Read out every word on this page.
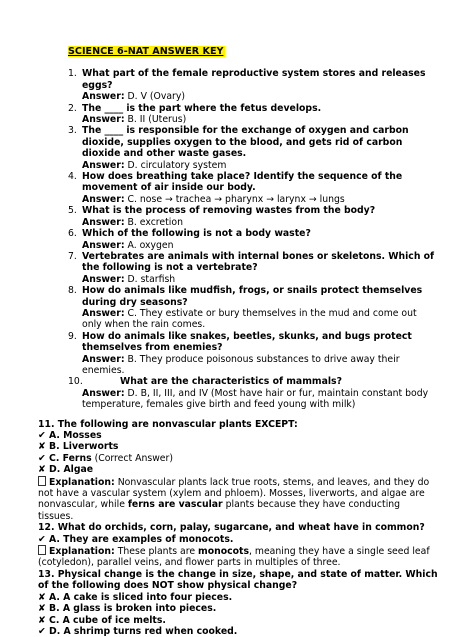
SCIENCE 6-NAT ANSWER KEY
1. What part of the female reproductive system stores and releases eggs?
Answer: D. V (Ovary)
2. The ____ is the part where the fetus develops.
Answer: B. II (Uterus)
3. The ____ is responsible for the exchange of oxygen and carbon dioxide, supplies oxygen to the blood, and gets rid of carbon dioxide and other waste gases.
Answer: D. circulatory system
4. How does breathing take place? Identify the sequence of the movement of air inside our body.
Answer: C. nose → trachea → pharynx → larynx → lungs
5. What is the process of removing wastes from the body?
Answer: B. excretion
6. Which of the following is not a body waste?
Answer: A. oxygen
7. Vertebrates are animals with internal bones or skeletons. Which of the following is not a vertebrate?
Answer: D. starfish
8. How do animals like mudfish, frogs, or snails protect themselves during dry seasons?
Answer: C. They estivate or bury themselves in the mud and come out only when the rain comes.
9. How do animals like snakes, beetles, skunks, and bugs protect themselves from enemies?
Answer: B. They produce poisonous substances to drive away their enemies.
10.	What are the characteristics of mammals?
Answer: D. B, II, III, and IV (Most have hair or fur, maintain constant body temperature, females give birth and feed young with milk)

11. The following are nonvascular plants EXCEPT:

✔ A. Mosses

✘ B. Liverworts

✔ C. Ferns (Correct Answer)

✘ D. Algae

Explanation: Nonvascular plants lack true roots, stems, and leaves, and they do not have a vascular system (xylem and phloem). Mosses, liverworts, and algae are nonvascular, while ferns are vascular plants because they have conducting tissues.

12. What do orchids, corn, palay, sugarcane, and wheat have in common?

✔ A. They are examples of monocots.

Explanation: These plants are monocots, meaning they have a single seed leaf (cotyledon), parallel veins, and flower parts in multiples of three.

13. Physical change is the change in size, shape, and state of matter. Which of the following does NOT show physical change?

✘ A. A cake is sliced into four pieces.

✘ B. A glass is broken into pieces.

✘ C. A cube of ice melts.

✔ D. A shrimp turns red when cooked.
